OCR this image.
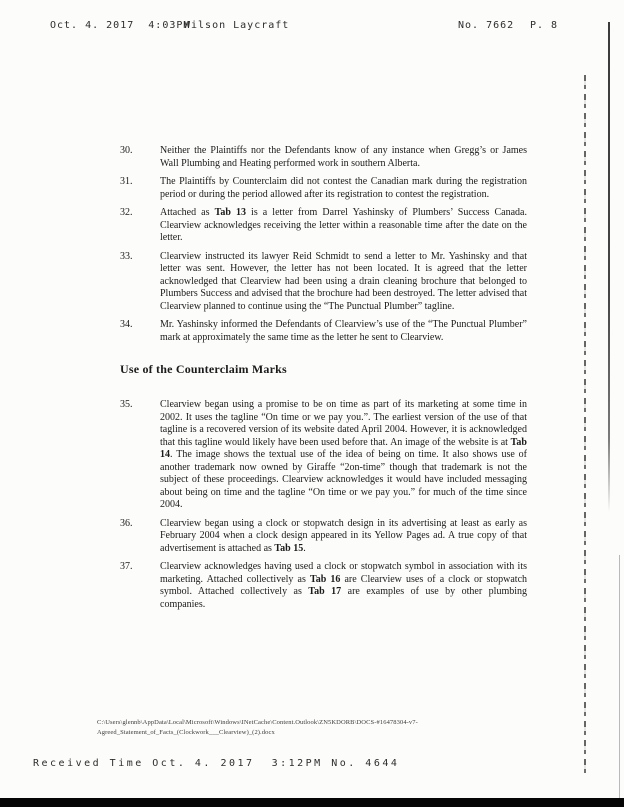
Oct. 4. 2017  4:03PM
Wilson Laycraft	No. 7662 P. 8
30.	Neither the Plaintiffs nor the Defendants know of any instance when Gregg’s or James Wall Plumbing and Heating performed work in southern Alberta.
31.	The Plaintiffs by Counterclaim did not contest the Canadian mark during the registration period or during the period allowed after its registration to contest the registration.
32.	Attached as Tab 13 is a letter from Darrel Yashinsky of Plumbers’ Success Canada. Clearview acknowledges receiving the letter within a reasonable time after the date on the letter.
33.	Clearview instructed its lawyer Reid Schmidt to send a letter to Mr. Yashinsky and that letter was sent. However, the letter has not been located. It is agreed that the letter acknowledged that Clearview had been using a drain cleaning brochure that belonged to Plumbers Success and advised that the brochure had been destroyed. The letter advised that Clearview planned to continue using the “The Punctual Plumber” tagline.
34.	Mr. Yashinsky informed the Defendants of Clearview’s use of the “The Punctual Plumber” mark at approximately the same time as the letter he sent to Clearview.
Use of the Counterclaim Marks
35.	Clearview began using a promise to be on time as part of its marketing at some time in 2002. It uses the tagline “On time or we pay you.”. The earliest version of the use of that tagline is a recovered version of its website dated April 2004. However, it is acknowledged that this tagline would likely have been used before that. An image of the website is at Tab 14. The image shows the textual use of the idea of being on time. It also shows use of another trademark now owned by Giraffe “2on-time” though that trademark is not the subject of these proceedings. Clearview acknowledges it would have included messaging about being on time and the tagline “On time or we pay you.” for much of the time since 2004.
36.	Clearview began using a clock or stopwatch design in its advertising at least as early as February 2004 when a clock design appeared in its Yellow Pages ad. A true copy of that advertisement is attached as Tab 15.
37.	Clearview acknowledges having used a clock or stopwatch symbol in association with its marketing. Attached collectively as Tab 16 are Clearview uses of a clock or stopwatch symbol. Attached collectively as Tab 17 are examples of use by other plumbing companies.
C:\Users\glennb\AppData\Local\Microsoft\Windows\INetCache\Content.Outlook\ZN5KDORB\DOCS-#16478304-v7-
Agreed_Statement_of_Facts_(Clockwork___Clearview)_(2).docx
Received Time Oct. 4. 2017  3:12PM No. 4644
